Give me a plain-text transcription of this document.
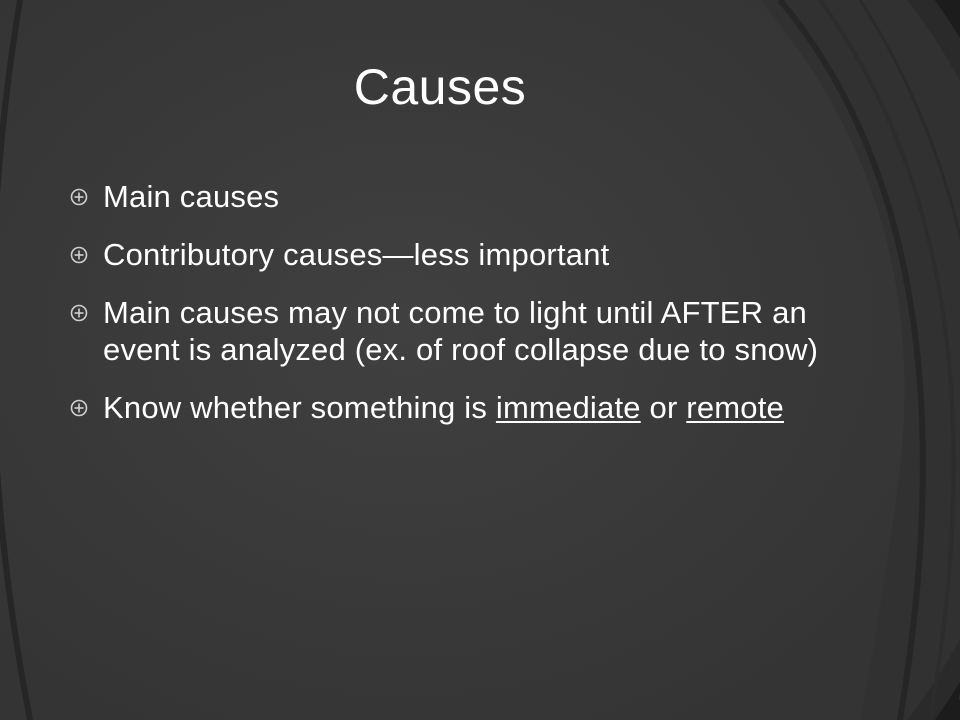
Causes
Main causes
Contributory causes—less important
Main causes may not come to light until AFTER an event is analyzed (ex. of roof collapse due to snow)
Know whether something is immediate or remote
